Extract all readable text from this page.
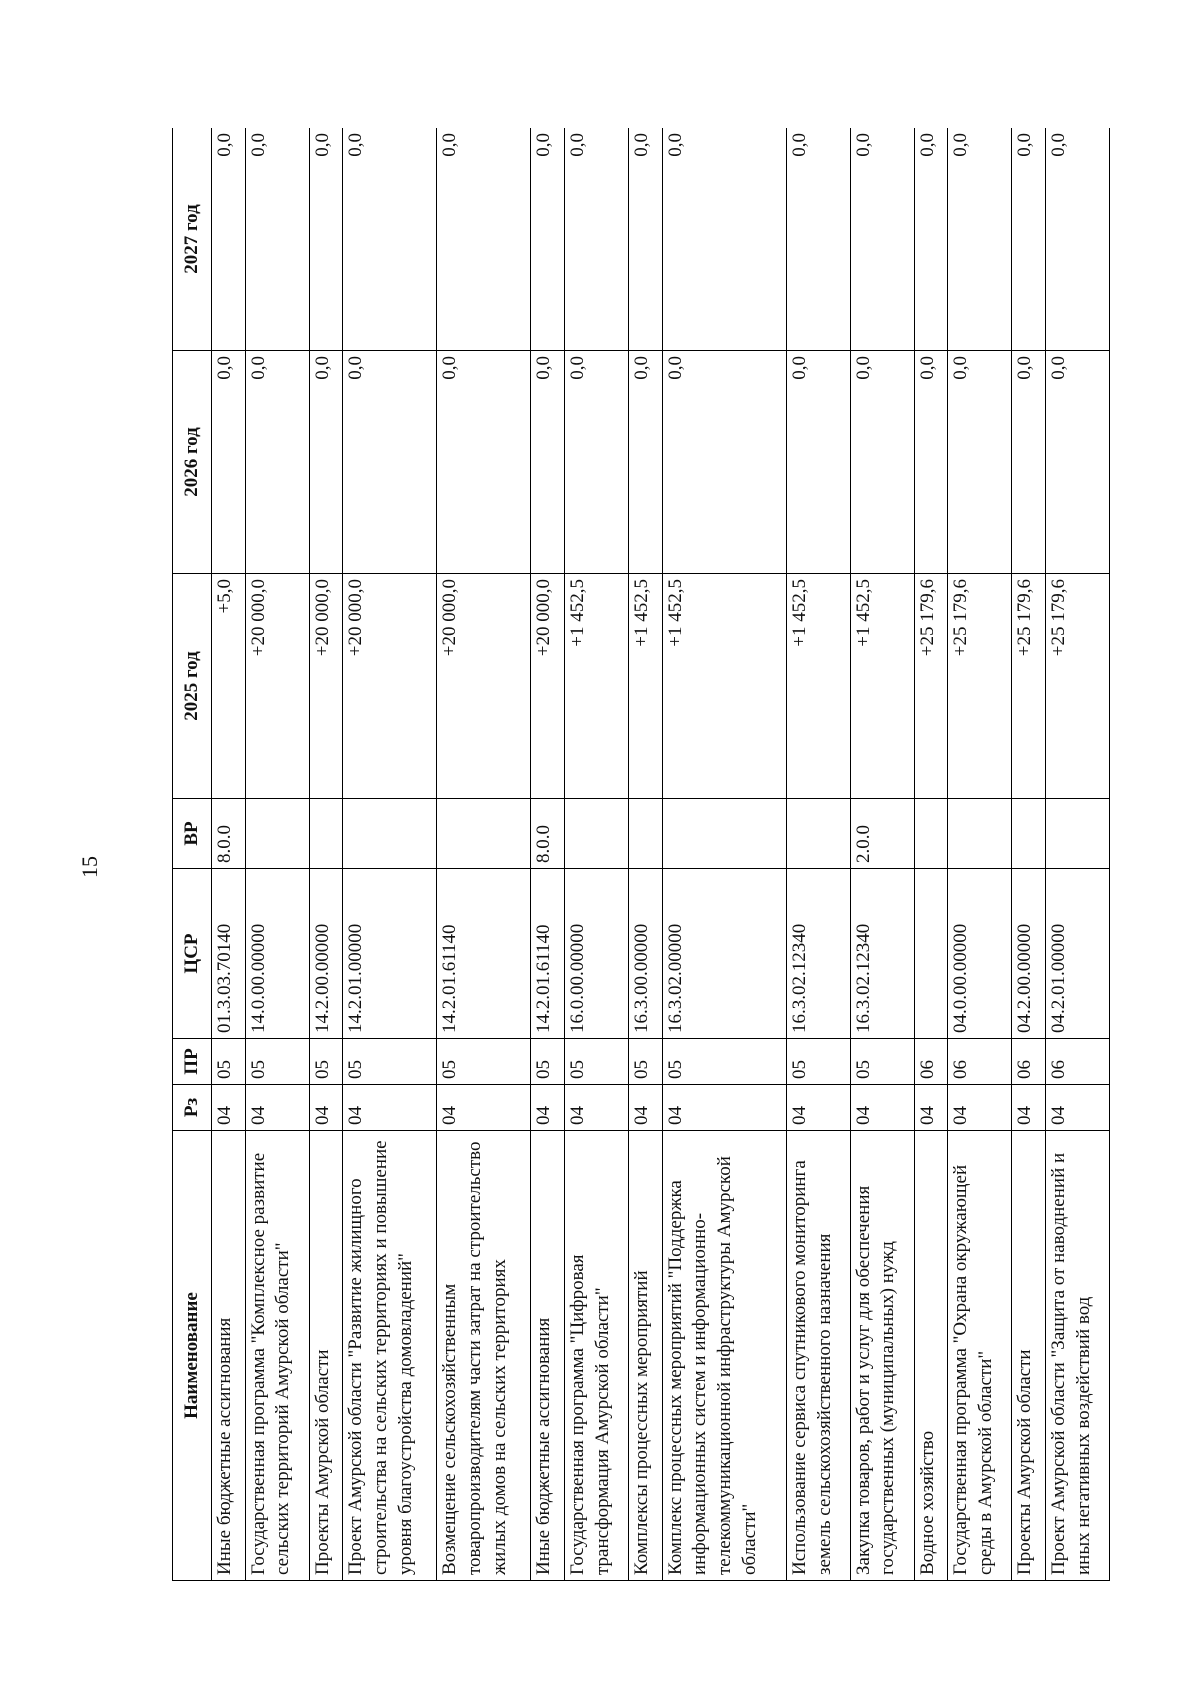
15
Наименование	Рз	ПР	ЦСР	ВР	2025 год	2026 год	2027 год
Иные бюджетные ассигнования	04	05	01.3.03.70140	8.0.0	+5,0	0,0	0,0
Государственная программа "Комплексное развитие сельских территорий Амурской области"	04	05	14.0.00.00000		+20 000,0	0,0	0,0
Проекты Амурской области	04	05	14.2.00.00000		+20 000,0	0,0	0,0
Проект Амурской области "Развитие жилищного строительства на сельских территориях и повышение уровня благоустройства домовладений"	04	05	14.2.01.00000		+20 000,0	0,0	0,0
Возмещение сельскохозяйственным товаропроизводителям части затрат на строительство жилых домов на сельских территориях	04	05	14.2.01.61140		+20 000,0	0,0	0,0
Иные бюджетные ассигнования	04	05	14.2.01.61140	8.0.0	+20 000,0	0,0	0,0
Государственная программа "Цифровая трансформация Амурской области"	04	05	16.0.00.00000		+1 452,5	0,0	0,0
Комплексы процессных мероприятий	04	05	16.3.00.00000		+1 452,5	0,0	0,0
Комплекс процессных мероприятий "Поддержка информационных систем и информационно-телекоммуникационной инфраструктуры Амурской области"	04	05	16.3.02.00000		+1 452,5	0,0	0,0
Использование сервиса спутникового мониторинга земель сельскохозяйственного назначения	04	05	16.3.02.12340		+1 452,5	0,0	0,0
Закупка товаров, работ и услуг для обеспечения государственных (муниципальных) нужд	04	05	16.3.02.12340	2.0.0	+1 452,5	0,0	0,0
Водное хозяйство	04	06			+25 179,6	0,0	0,0
Государственная программа "Охрана окружающей среды в Амурской области"	04	06	04.0.00.00000		+25 179,6	0,0	0,0
Проекты Амурской области	04	06	04.2.00.00000		+25 179,6	0,0	0,0
Проект Амурской области "Защита от наводнений и иных негативных воздействий вод	04	06	04.2.01.00000		+25 179,6	0,0	0,0
